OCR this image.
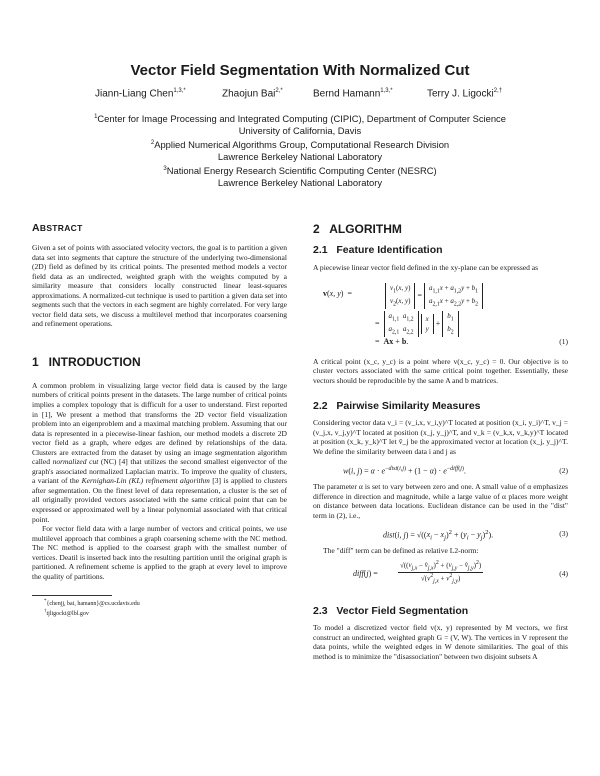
Vector Field Segmentation With Normalized Cut
Jiann-Liang Chen$^{1,3,*}$	Zhaojun Bai$^{2,*}$	Bernd Hamann$^{1,3,*}$	Terry J. Ligocki$^{2,\dagger}$
$^1$Center for Image Processing and Integrated Computing (CIPIC), Department of Computer Science
University of California, Davis
$^2$Applied Numerical Algorithms Group, Computational Research Division
Lawrence Berkeley National Laboratory
$^3$National Energy Research Scientific Computing Center (NESRC)
Lawrence Berkeley National Laboratory
ABSTRACT

Given a set of points with associated velocity vectors, the goal is to partition a given data set into segments that capture the structure of the underlying two-dimensional (2D) field as defined by its critical points. The presented method models a vector field data as an undirected, weighted graph with the weights computed by a similarity measure that considers locally constructed linear least-squares approximations. A normalized-cut technique is used to partition a given data set into segments such that the vectors in each segment are highly correlated. For very large vector field data sets, we discuss a multilevel method that incorporates coarsening and refinement operations.

1   INTRODUCTION

A common problem in visualizing large vector field data is caused by the large numbers of critical points present in the datasets. The large number of critical points implies a complex topology that is difficult for a user to understand. First reported in [1], We present a method that transforms the 2D vector field visualization problem into an eigenproblem and a maximal matching problem. Assuming that our data is represented in a piecewise-linear fashion, our method models a discrete 2D vector field as a graph, where edges are defined by relationships of the data. Clusters are extracted from the dataset by using an image segmentation algorithm called normalized cut (NC) [4] that utilizes the second smallest eigenvector of the graph's associated normalized Laplacian matrix. To improve the quality of clusters, a variant of the Kernighan-Lin (KL) refinement algorithm [3] is applied to clusters after segmentation. On the finest level of data representation, a cluster is the set of all originally provided vectors associated with the same critical point that can be expressed or approximated well by a linear polynomial associated with that critical point.

For vector field data with a large number of vectors and critical points, we use multilevel approach that combines a graph coarsening scheme with the NC method. The NC method is applied to the coarsest graph with the smallest number of vertices. Deatil is inserted back into the resulting partition until the original graph is partitioned. A refinement scheme is applied to the graph at every level to improve the quality of partitions.

*{chenjj, bai, hamann}@cs.ucdavis.edu
†tjligocki@lbl.gov
2   ALGORITHM
2.1   Feature Identification

A piecewise linear vector field defined in the xy-plane can be expressed as

v(x, y)  =
$v_1(x$, y)
$v_2(x$, $y) = a_{1,1}x + a_{1,2}y + b_1$
$a_{2,1}x + a_{2,2}y + b_2$
=  $a_{1,1}$ $a_{1,2}$
$a_{2,1}$ $a_{2,2}$ x
$y + b_1$
$b_2$
=  Ax + b.	(1)

A critical point (x_c, y_c) is a point where v(x_c, y_c) = 0. Our objective is to cluster vectors associated with the same critical point together. Essentially, these vectors should be reproducible by the same A and b matrices.

2.2   Pairwise Similarity Measures

Considering vector data v_i = (v_i,x, v_i,y)^T located at position (x_i, y_i)^T, v_j = (v_j,x, v_j,y)^T located at position (x_j, y_j)^T, and v_k = (v_k,x, v_k,y)^T located at position (x_k, y_k)^T let v̂_j be the approximated vector at location (x_j, y_j)^T. We define the similarity between data i and j as

w(i, $j) = \alpha \cdot e^{-dist(i,j)} + (1 - \alpha) \cdot e^{-diff(j)}$.	(2)

The parameter α is set to vary between zero and one. A small value of α emphasizes difference in direction and magnitude, while a large value of α places more weight on distance between data locations. Euclidean distance can be used in the "dist" term in (2), i.e.,

dist(i, $j) = √((x_i - x_j)^2 + (y_i - y_j)^2)$.	(3)

The "diff" term can be defined as relative L2-norm:

diff(j) =
$√((v_{j,x}$ − $v̂_{j,x})^2 + (v_{j,y}$ − $v̂_{j,y})^2$)
$√(v^2_{j,x} + v^2_{j,y})$
(4)
2.3   Vector Field Segmentation

To model a discretized vector field v(x, y) represented by M vectors, we first construct an undirected, weighted graph G = (V, W). The vertices in V represent the data points, while the weighted edges in W denote similarities. The goal of this method is to minimize the "disassociation" between two disjoint subsets A
